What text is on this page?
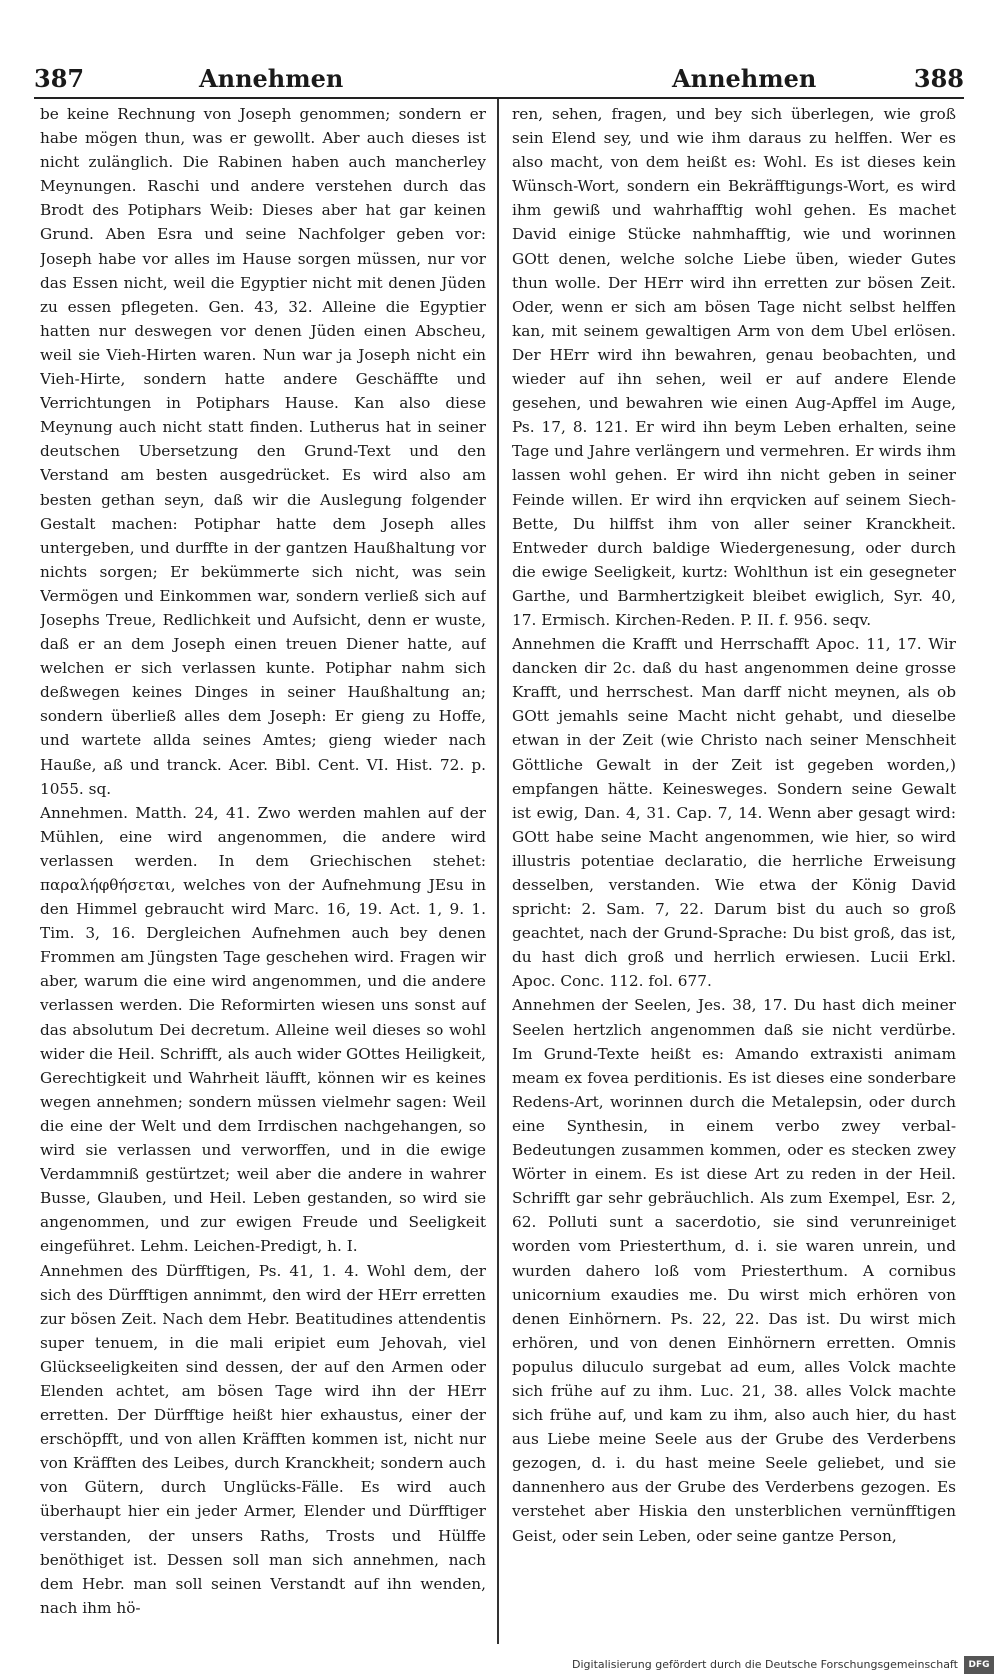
387	Annehmen	Annehmen	388

be keine Rechnung von Joseph genommen; sondern er habe mögen thun, was er gewollt. Aber auch dieses ist nicht zulänglich. Die Rabinen haben auch mancherley Meynungen. Raschi und andere verstehen durch das Brodt des Potiphars Weib: Dieses aber hat gar keinen Grund. Aben Esra und seine Nachfolger geben vor: Joseph habe vor alles im Hause sorgen müssen, nur vor das Essen nicht, weil die Egyptier nicht mit denen Jüden zu essen pflegeten. Gen. 43, 32. Alleine die Egyptier hatten nur deswegen vor denen Jüden einen Abscheu, weil sie Vieh-Hirten waren. Nun war ja Joseph nicht ein Vieh-Hirte, sondern hatte andere Geschäffte und Verrichtungen in Potiphars Hause. Kan also diese Meynung auch nicht statt finden. Lutherus hat in seiner deutschen Ubersetzung den Grund-Text und den Verstand am besten ausgedrücket. Es wird also am besten gethan seyn, daß wir die Auslegung folgender Gestalt machen: Potiphar hatte dem Joseph alles untergeben, und durffte in der gantzen Haußhaltung vor nichts sorgen; Er bekümmerte sich nicht, was sein Vermögen und Einkommen war, sondern verließ sich auf Josephs Treue, Redlichkeit und Aufsicht, denn er wuste, daß er an dem Joseph einen treuen Diener hatte, auf welchen er sich verlassen kunte. Potiphar nahm sich deßwegen keines Dinges in seiner Haußhaltung an; sondern überließ alles dem Joseph: Er gieng zu Hoffe, und wartete allda seines Amtes; gieng wieder nach Hauße, aß und tranck. Acer. Bibl. Cent. VI. Hist. 72. p. 1055. sq.

Annehmen. Matth. 24, 41. Zwo werden mahlen auf der Mühlen, eine wird angenommen, die andere wird verlassen werden. In dem Griechischen stehet: παραλήφθήσεται, welches von der Aufnehmung JEsu in den Himmel gebraucht wird Marc. 16, 19. Act. 1, 9. 1. Tim. 3, 16. Dergleichen Aufnehmen auch bey denen Frommen am Jüngsten Tage geschehen wird. Fragen wir aber, warum die eine wird angenommen, und die andere verlassen werden. Die Reformirten wiesen uns sonst auf das absolutum Dei decretum. Alleine weil dieses so wohl wider die Heil. Schrifft, als auch wider GOttes Heiligkeit, Gerechtigkeit und Wahrheit läufft, können wir es keines wegen annehmen; sondern müssen vielmehr sagen: Weil die eine der Welt und dem Irrdischen nachgehangen, so wird sie verlassen und verworffen, und in die ewige Verdammniß gestürtzet; weil aber die andere in wahrer Busse, Glauben, und Heil. Leben gestanden, so wird sie angenommen, und zur ewigen Freude und Seeligkeit eingeführet. Lehm. Leichen-Predigt, h. I.

Annehmen des Dürfftigen, Ps. 41, 1. 4. Wohl dem, der sich des Dürfftigen annimmt, den wird der HErr erretten zur bösen Zeit. Nach dem Hebr. Beatitudines attendentis super tenuem, in die mali eripiet eum Jehovah, viel Glückseeligkeiten sind dessen, der auf den Armen oder Elenden achtet, am bösen Tage wird ihn der HErr erretten. Der Dürfftige heißt hier exhaustus, einer der erschöpfft, und von allen Kräfften kommen ist, nicht nur von Kräfften des Leibes, durch Kranckheit; sondern auch von Gütern, durch Unglücks-Fälle. Es wird auch überhaupt hier ein jeder Armer, Elender und Dürfftiger verstanden, der unsers Raths, Trosts und Hülffe benöthiget ist. Dessen soll man sich annehmen, nach dem Hebr. man soll seinen Verstandt auf ihn wenden, nach ihm hö-

ren, sehen, fragen, und bey sich überlegen, wie groß sein Elend sey, und wie ihm daraus zu helffen. Wer es also macht, von dem heißt es: Wohl. Es ist dieses kein Wünsch-Wort, sondern ein Bekräfftigungs-Wort, es wird ihm gewiß und wahrhafftig wohl gehen. Es machet David einige Stücke nahmhafftig, wie und worinnen GOtt denen, welche solche Liebe üben, wieder Gutes thun wolle. Der HErr wird ihn erretten zur bösen Zeit. Oder, wenn er sich am bösen Tage nicht selbst helffen kan, mit seinem gewaltigen Arm von dem Ubel erlösen. Der HErr wird ihn bewahren, genau beobachten, und wieder auf ihn sehen, weil er auf andere Elende gesehen, und bewahren wie einen Aug-Apffel im Auge, Ps. 17, 8. 121. Er wird ihn beym Leben erhalten, seine Tage und Jahre verlängern und vermehren. Er wirds ihm lassen wohl gehen. Er wird ihn nicht geben in seiner Feinde willen. Er wird ihn erqvicken auf seinem Siech-Bette, Du hilffst ihm von aller seiner Kranckheit. Entweder durch baldige Wiedergenesung, oder durch die ewige Seeligkeit, kurtz: Wohlthun ist ein gesegneter Garthe, und Barmhertzigkeit bleibet ewiglich, Syr. 40, 17. Ermisch. Kirchen-Reden. P. II. f. 956. seqv.

Annehmen die Krafft und Herrschafft Apoc. 11, 17. Wir dancken dir 2c. daß du hast angenommen deine grosse Krafft, und herrschest. Man darff nicht meynen, als ob GOtt jemahls seine Macht nicht gehabt, und dieselbe etwan in der Zeit (wie Christo nach seiner Menschheit Göttliche Gewalt in der Zeit ist gegeben worden,) empfangen hätte. Keinesweges. Sondern seine Gewalt ist ewig, Dan. 4, 31. Cap. 7, 14. Wenn aber gesagt wird: GOtt habe seine Macht angenommen, wie hier, so wird illustris potentiae declaratio, die herrliche Erweisung desselben, verstanden. Wie etwa der König David spricht: 2. Sam. 7, 22. Darum bist du auch so groß geachtet, nach der Grund-Sprache: Du bist groß, das ist, du hast dich groß und herrlich erwiesen. Lucii Erkl. Apoc. Conc. 112. fol. 677.

Annehmen der Seelen, Jes. 38, 17. Du hast dich meiner Seelen hertzlich angenommen daß sie nicht verdürbe. Im Grund-Texte heißt es: Amando extraxisti animam meam ex fovea perditionis. Es ist dieses eine sonderbare Redens-Art, worinnen durch die Metalepsin, oder durch eine Synthesin, in einem verbo zwey verbal-Bedeutungen zusammen kommen, oder es stecken zwey Wörter in einem. Es ist diese Art zu reden in der Heil. Schrifft gar sehr gebräuchlich. Als zum Exempel, Esr. 2, 62. Polluti sunt a sacerdotio, sie sind verunreiniget worden vom Priesterthum, d. i. sie waren unrein, und wurden dahero loß vom Priesterthum. A cornibus unicornium exaudies me. Du wirst mich erhören von denen Einhörnern. Ps. 22, 22. Das ist. Du wirst mich erhören, und von denen Einhörnern erretten. Omnis populus diluculo surgebat ad eum, alles Volck machte sich frühe auf zu ihm. Luc. 21, 38. alles Volck machte sich frühe auf, und kam zu ihm, also auch hier, du hast aus Liebe meine Seele aus der Grube des Verderbens gezogen, d. i. du hast meine Seele geliebet, und sie dannenhero aus der Grube des Verderbens gezogen. Es verstehet aber Hiskia den unsterblichen vernünfftigen Geist, oder sein Leben, oder seine gantze Person,

Digitalisierung gefördert durch die Deutsche Forschungsgemeinschaft	DFG
